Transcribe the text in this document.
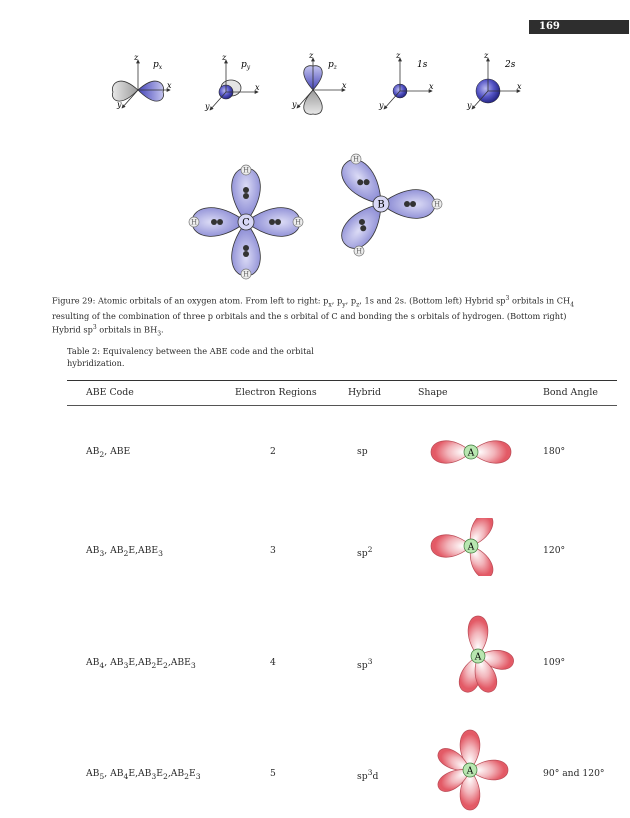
169
z
x
y
$p_x$
z
x
y
$p_y$
z
x
y
$p_z$
z
x
y
1s
z
x
y
2s
C
H
H
H	H
B
H
H
H
Figure 29: Atomic orbitals of an oxygen atom. From left to right: $p_x$, $p_y$, $p_z$, 1s and 2s. (Bottom left) Hybrid $sp^3$ orbitals in $CH_4$ resulting of the combination of three p orbitals and the s orbital of C and bonding the s orbitals of hydrogen. (Bottom right) Hybrid $sp^3$ orbitals in $BH_3$.
Table 2: Equivalency between the ABE code and the orbital hybridization.
ABE Code	Electron Regions	Hybrid	Shape	Bond Angle
$AB_2$, ABE	2	sp	180°
$AB_3$, $AB_2E,ABE_3$	3	$sp^2$	120°
$AB_4$, $AB_3E,AB_2E_2,ABE_3$	4	$sp^3$	109°
$AB_5$, $AB_4E,AB_3E_2,AB_2E_3$	5	$sp^3d$	90° and 120°
A
A
A
A
